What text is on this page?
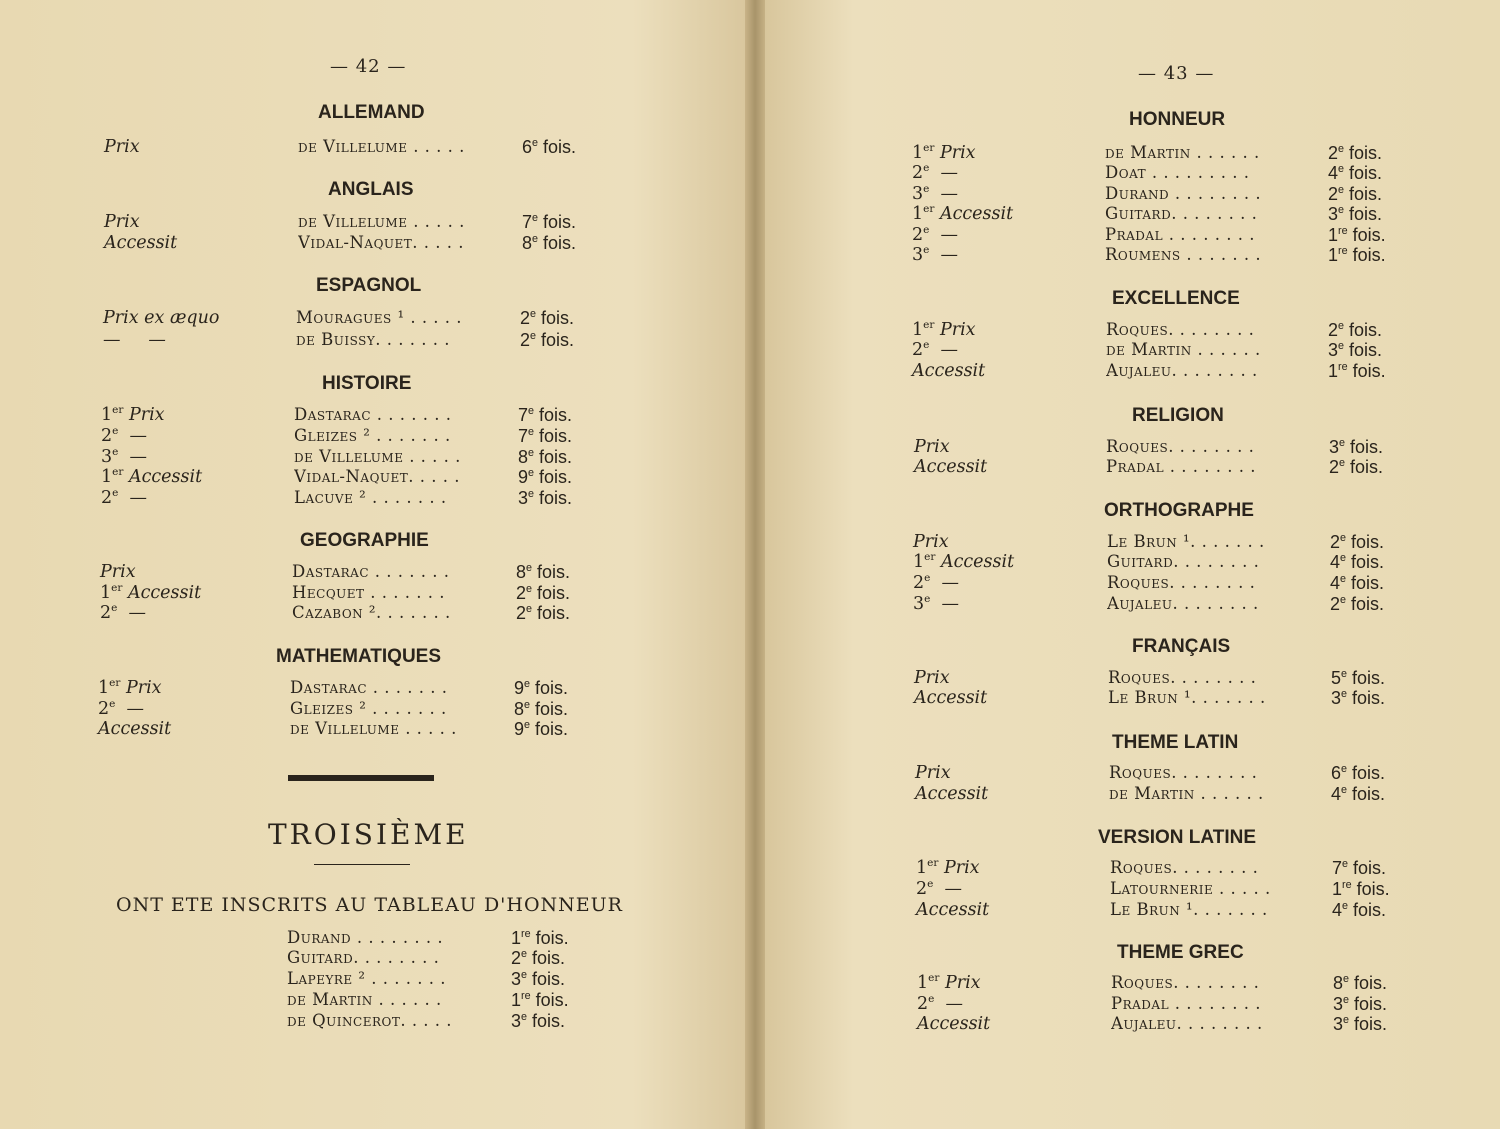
— 42 —	— 43 —
ALLEMAND
Prix	de Villelume . . . . .	6e fois.
ANGLAIS
Prix	de Villelume . . . . .	7e fois.
Accessit	Vidal-Naquet. . . . .	8e fois.
ESPAGNOL
Prix ex æquo	Mouragues ¹ . . . . .	2e fois.
—     —	de Buissy. . . . . . .	2e fois.
HISTOIRE
1er Prix	Dastarac . . . . . . .	7e fois.
2e  —	Gleizes ² . . . . . . .	7e fois.
3e  —	de Villelume . . . . .	8e fois.
1er Accessit	Vidal-Naquet. . . . .	9e fois.
2e  —	Lacuve ² . . . . . . .	3e fois.
GEOGRAPHIE
Prix	Dastarac . . . . . . .	8e fois.
1er Accessit	Hecquet . . . . . . .	2e fois.
2e  —	Cazabon ². . . . . . .	2e fois.
MATHEMATIQUES
1er Prix	Dastarac . . . . . . .	9e fois.
2e  —	Gleizes ² . . . . . . .	8e fois.
Accessit	de Villelume . . . . .	9e fois.
HONNEUR
1er Prix	de Martin . . . . . .	2e fois.
2e  —	Doat . . . . . . . . .	4e fois.
3e  —	Durand . . . . . . . .	2e fois.
1er Accessit	Guitard. . . . . . . .	3e fois.
2e  —	Pradal . . . . . . . .	1re fois.
3e  —	Roumens . . . . . . .	1re fois.
EXCELLENCE
1er Prix	Roques. . . . . . . .	2e fois.
2e  —	de Martin . . . . . .	3e fois.
Accessit	Aujaleu. . . . . . . .	1re fois.
RELIGION
Prix	Roques. . . . . . . .	3e fois.
Accessit	Pradal . . . . . . . .	2e fois.
ORTHOGRAPHE
Prix	Le Brun ¹. . . . . . .	2e fois.
1er Accessit	Guitard. . . . . . . .	4e fois.
2e  —	Roques. . . . . . . .	4e fois.
3e  —	Aujaleu. . . . . . . .	2e fois.
FRANÇAIS
Prix	Roques. . . . . . . .	5e fois.
Accessit	Le Brun ¹. . . . . . .	3e fois.
THEME LATIN
Prix	Roques. . . . . . . .	6e fois.
Accessit	de Martin . . . . . .	4e fois.
VERSION LATINE
1er Prix	Roques. . . . . . . .	7e fois.
2e  —	Latournerie . . . . .	1re fois.
Accessit	Le Brun ¹. . . . . . .	4e fois.
THEME GREC
1er Prix	Roques. . . . . . . .	8e fois.
2e  —	Pradal . . . . . . . .	3e fois.
Accessit	Aujaleu. . . . . . . .	3e fois.
TROISIÈME
ONT ETE INSCRITS AU TABLEAU D'HONNEUR
Durand . . . . . . . .	1re fois.
Guitard. . . . . . . .	2e fois.
Lapeyre ² . . . . . . .	3e fois.
de Martin . . . . . .	1re fois.
de Quincerot. . . . .	3e fois.
